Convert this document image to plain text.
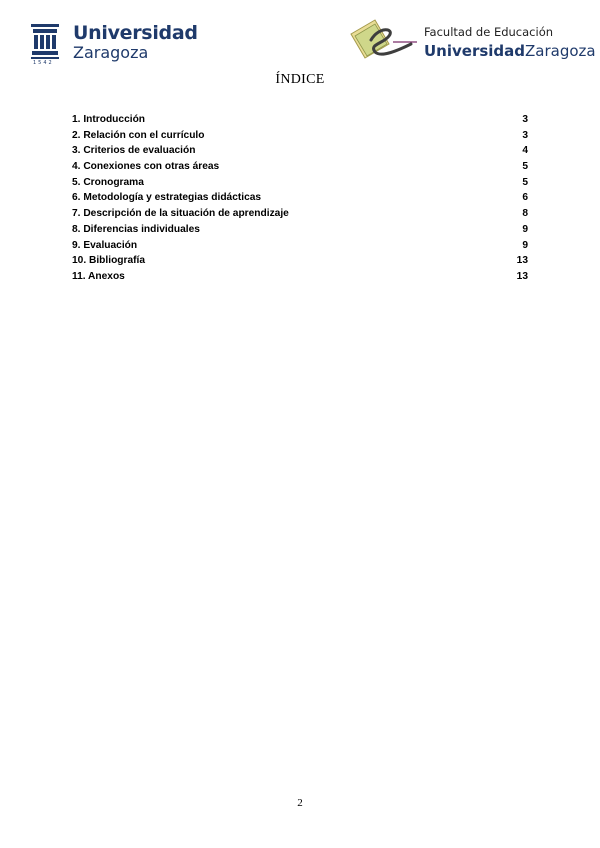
Universidad
Zaragoza
1542
Facultad de Educación
UniversidadZaragoza
ÍNDICE
1. Introducción	3
2. Relación con el currículo	3
3. Criterios de evaluación	4
4. Conexiones con otras áreas	5
5. Cronograma	5
6. Metodología y estrategias didácticas	6
7. Descripción de la situación de aprendizaje	8
8. Diferencias individuales	9
9. Evaluación	9
10. Bibliografía	13
11. Anexos	13
2
